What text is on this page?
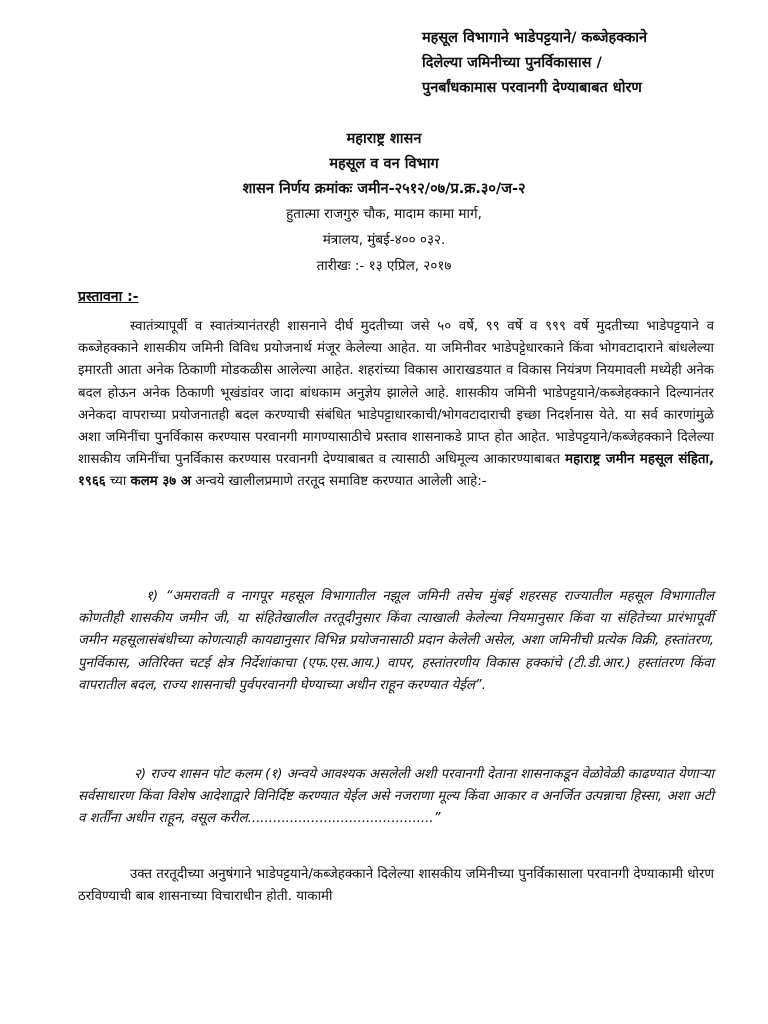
महसूल विभागाने भाडेपट्टयाने/ कब्जेहक्काने
दिलेल्या जमिनीच्या पुनर्विकासास /
पुनर्बांधकामास परवानगी देण्याबाबत धोरण
महाराष्ट्र शासन
महसूल व वन विभाग
शासन निर्णय क्रमांकः जमीन-२५१२/०७/प्र.क्र.३०/ज-२
हुतात्मा राजगुरु चौक, मादाम कामा मार्ग,
मंत्रालय, मुंबई-४०० ०३२.
तारीखः :- १३ एप्रिल, २०१७
प्रस्तावना :-

स्वातंत्र्यापूर्वी व स्वातंत्र्यानंतरही शासनाने दीर्घ मुदतीच्या जसे ५० वर्षे, ९९ वर्षे व ९९९ वर्षे मुदतीच्या भाडेपट्टयाने व कब्जेहक्काने शासकीय जमिनी विविध प्रयोजनार्थ मंजूर केलेल्या आहेत. या जमिनीवर भाडेपट्टेधारकाने किंवा भोगवटादाराने बांधलेल्या इमारती आता अनेक ठिकाणी मोडकळीस आलेल्या आहेत. शहरांच्या विकास आराखडयात व विकास नियंत्रण नियमावली मध्येही अनेक बदल होऊन अनेक ठिकाणी भूखंडांवर जादा बांधकाम अनुज्ञेय झालेले आहे. शासकीय जमिनी भाडेपट्टयाने/कब्जेहक्काने दिल्यानंतर अनेकदा वापराच्या प्रयोजनातही बदल करण्याची संबंधित भाडेपट्टाधारकाची/भोगवटादाराची इच्छा निदर्शनास येते. या सर्व कारणांमुळे अशा जमिनींचा पुनर्विकास करण्यास परवानगी मागण्यासाठीचे प्रस्ताव शासनाकडे प्राप्त होत आहेत. भाडेपट्टयाने/कब्जेहक्काने दिलेल्या शासकीय जमिनींचा पुनर्विकास करण्यास परवानगी देण्याबाबत व त्यासाठी अधिमूल्य आकारण्याबाबत महाराष्ट्र जमीन महसूल संहिता, १९६६ च्या कलम ३७ अ अन्वये खालीलप्रमाणे तरतूद समाविष्ट करण्यात आलेली आहे:-

१) “अमरावती व नागपूर महसूल विभागातील नझूल जमिनी तसेच मुंबई शहरसह राज्यातील महसूल विभागातील कोणतीही शासकीय जमीन जी, या संहितेखालील तरतूदीनुसार किंवा त्याखाली केलेल्या नियमानुसार किंवा या संहितेच्या प्रारंभापूर्वी जमीन महसूलासंबंधीच्या कोणत्याही कायद्यानुसार विभिन्न प्रयोजनासाठी प्रदान केलेली असेल, अशा जमिनीची प्रत्येक विक्री, हस्तांतरण, पुनर्विकास, अतिरिक्त चटई क्षेत्र निर्देशांकाचा (एफ.एस.आय.) वापर, हस्तांतरणीय विकास हक्कांचे (टी.डी.आर.) हस्तांतरण किंवा वापरातील बदल, राज्य शासनाची पुर्वपरवानगी घेण्याच्या अधीन राहून करण्यात येईल”.

२) राज्य शासन पोट कलम (१) अन्वये आवश्यक असलेली अशी परवानगी देताना शासनाकडून वेळोवेळी काढण्यात येणाऱ्या सर्वसाधारण किंवा विशेष आदेशाद्वारे विनिर्दिष्ट करण्यात येईल असे नजराणा मूल्य किंवा आकार व अनर्जित उत्पन्नाचा हिस्सा, अशा अटी व शर्तींना अधीन राहून, वसूल करील............................................”

उक्त तरतूदीच्या अनुषंगाने भाडेपट्टयाने/कब्जेहक्काने दिलेल्या शासकीय जमिनीच्या पुनर्विकासाला परवानगी देण्याकामी धोरण ठरविण्याची बाब शासनाच्या विचाराधीन होती. याकामी
